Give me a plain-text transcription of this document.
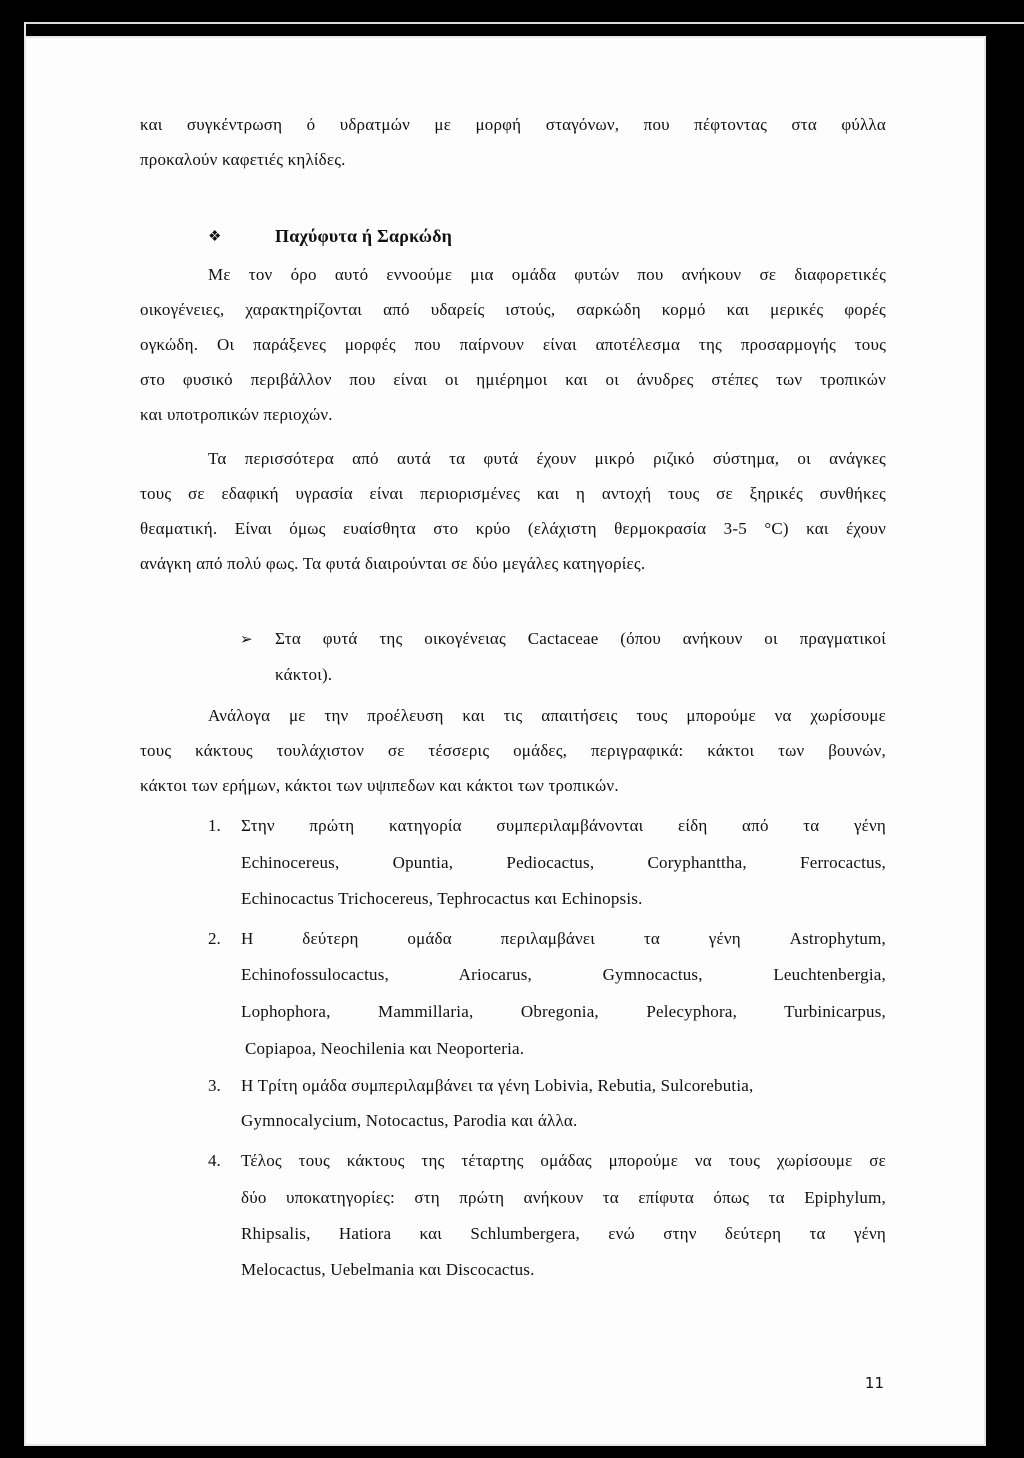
και συγκέντρωση ό υδρατμών με μορφή σταγόνων, που πέφτοντας στα φύλλα
προκαλούν καφετιές κηλίδες.
❖	Παχύφυτα ή Σαρκώδη
Με τον όρο αυτό εννοούμε μια ομάδα φυτών που ανήκουν σε διαφορετικές
οικογένειες, χαρακτηρίζονται από υδαρείς ιστούς, σαρκώδη κορμό και μερικές φορές
ογκώδη. Οι παράξενες μορφές που παίρνουν είναι αποτέλεσμα της προσαρμογής τους
στο φυσικό περιβάλλον που είναι οι ημιέρημοι και οι άνυδρες στέπες των τροπικών
και υποτροπικών περιοχών.
Τα περισσότερα από αυτά τα φυτά έχουν μικρό ριζικό σύστημα, οι ανάγκες
τους σε εδαφική υγρασία είναι περιορισμένες και η αντοχή τους σε ξηρικές συνθήκες
θεαματική. Είναι όμως ευαίσθητα στο κρύο (ελάχιστη θερμοκρασία 3-5 °C) και έχουν
ανάγκη από πολύ φως. Τα φυτά διαιρούνται σε δύο μεγάλες κατηγορίες.
➢ Στα φυτά της οικογένειας Cactaceae (όπου ανήκουν οι πραγματικοί
κάκτοι).
Ανάλογα με την προέλευση και τις απαιτήσεις τους μπορούμε να χωρίσουμε
τους κάκτους τουλάχιστον σε τέσσερις ομάδες, περιγραφικά: κάκτοι των βουνών,
κάκτοι των ερήμων, κάκτοι των υψιπεδων και κάκτοι των τροπικών.
1. Στην πρώτη κατηγορία συμπεριλαμβάνονται είδη από τα γένη
Echinocereus, Opuntia, Pediocactus, Coryphanttha, Ferrocactus,
Echinocactus Trichocereus, Tephrocactus και Echinopsis.
2. Η δεύτερη ομάδα περιλαμβάνει τα γένη Astrophytum,
Echinofossulocactus, Ariocarus, Gymnocactus, Leuchtenbergia,
Lophophora, Mammillaria, Obregonia, Pelecyphora, Turbinicarpus,
Copiapoa, Neochilenia και Neoporteria.
3. Η Τρίτη ομάδα συμπεριλαμβάνει τα γένη Lobivia, Rebutia, Sulcorebutia,
Gymnocalycium, Notocactus, Parodia και άλλα.
4. Τέλος τους κάκτους της τέταρτης ομάδας μπορούμε να τους χωρίσουμε σε
δύο υποκατηγορίες: στη πρώτη ανήκουν τα επίφυτα όπως τα Epiphylum,
Rhipsalis, Hatiora και Schlumbergera, ενώ στην δεύτερη τα γένη
Melocactus, Uebelmania και Discocactus.
11
